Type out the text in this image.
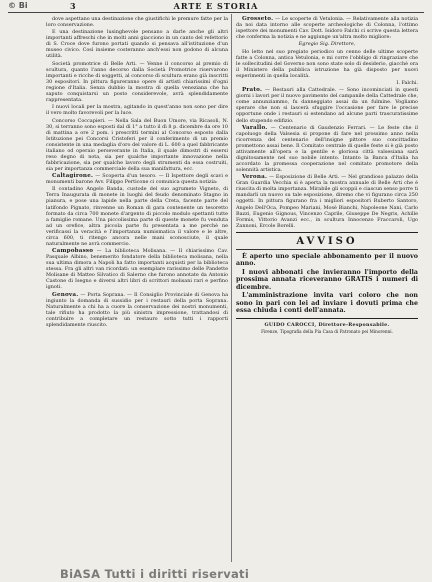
© Bi	3	ARTE E STORIA

dove aspettano una destinazione che giustifichi le premure fatte per la loro conservazione.

E una destinazione lusinghevole pensano a darle anche gli altri importanti affreschi che in molti anni giacciono in un canto del refettorio di S. Croce dove furono portati quando si pensava all'istituzione d'un museo civico. Così insieme costeranno anch'essi non godono di alcuna utilità.

Società promotrice di Belle Arti. — Venne il concorso al premio di scultura, quanto l'anno decorso dalla Società Promotrice riservarono importanti e ricche di soggetti, al concorso di scultura erano già inscritti 30 espositori. In pittura figureranno opere di artisti chiarissimi d'ogni regione d'Italia. Senza dubbio la mostra di quella veneziana che ha saputo conquistarsi un posto considerevole, avrà splendidamente rappresentata.

I nuovi locali per la mostra, agitando in quest'anno non sono per dire il vero molto favorevoli per la luce.

Concorso Coccapieri. — Nella Sala del Buon Umore, via Ricasoli, N. 30, si terranno sono esposti dal dì 1° a tutto il dì 8 p. dicembre da ore 10 di mattina a ore 2 pom. i prescritti termini al Concorso esposto dalla Istituzione pei Concorsi Cristoferi per il conferimento di un premio consistente in una medaglia d'oro del valore di L. 600 a quel fabbricante italiano od operaio perseverante in Italia, il quale dimostri di essersi reso degno di nota, sia per qualche importante innovazione nella fabbricazione, sia per qualche lavoro degli strumenti da essa costruiti, sia per importanza commerciale della sua manifattura, ecc.

Caltagirone. — Scoperta d'un tesoro. — Il Ispettore degli scavi e monumenti barone Avv. Filippo Perticone ci comunica questa notizia:

Il contadino Angelo Banda, custode del suo agrumeto Vigneto, di Terra Inaugurata di monete in luoghi del feudo denominato Stagno in pianura, e pose una lapide nella parte della Creta, facente parte del latifondo Pignato, rinvenne un Roman di gara contenente un tesoretto formato da circa 700 monete d'argento di piccolo modulo spettanti tutte a famiglie romane. Una piccolissima parte di queste monete fu venduta ad un orefice, altra piccola parte fu presentata a me perchè ne verificassi la veracità e l'importanza numismatica il valore e le altre, circa 600, ti ritengo ancora nelle mani sconosciute, il quale naturalmente ne avrà commercio.

Campobasso — La biblioteca Molisana. — Il chiarissimo Cav. Pasquale Albino, benemerito fondatore della biblioteca molisana, nella sua ultima dimora a Napoli ha fatto importanti acquisti per la biblioteca stessa. Fra gli altri van ricordati: un esemplare rarissimo delle Pandette Molisane di Matteo Silvatico di Salerno che furono annotate da Antonio Castone di Isegno e diversi altri libri di scrittori molisani rari e perfino ignoti.

Genova. — Porta Soprana. — Il Consiglio Provinciale di Genova ha ingiunto la domanda di sussidio per i restauri della porta Soprana. Naturalmente a chi ha a cuore la conservazione dei nostri monumenti, tale rifiuto ha prodotto la più sinistra impressione, trattandosi di contribuire a completare un restauro sotto tutti i rapporti splendidamente riuscito.

Grosseto. — Le scoperte di Vetulonia. — Relativamente alla notizia da noi data intorno alle scoperte archeologiche di Colonna, l'ottimo ispettore dei monumenti Cav. Dott. Isidoro Falchi ci scrive questa lettera che conferma la notizia e ne aggiunge un'altra molto migliore:

Egregio Sig. Direttore,

Ho letto nel suo pregiato periodico un cenno delle ultime scoperte fatte a Colonna, antica Vetulonia, e mi corre l'obbligo di ringraziare che le sollecitudini del Governo non sono state solo di desiderio, giacchè ora il Ministero della pubblica istruzione ha già disposto per nuovi esperimenti in quella località.

I. Falchi.

Prato. — Restauri alla Cattedrale. — Sono incominciati in questi giorni i lavori per il nuovo pavimento del campanile della Cattedrale che, come annunziammo, fu danneggiato assai da un fulmine. Vogliamo sperare che non si lascerà sfuggire l'occasione per fare le precise opportune onde i restauri si estendano ad alcune parti trascuratissime dello stupendo edifizio.

Varallo. — Centenario di Gaudenzio Ferrari. — Le feste che il capoluogo della Valsesia si propone di fare nel prossimo anno nella ricorrenza del centenario dell'insigne pittore suo concittadino promettono assai bene. Il Comitato centrale di quelle feste si è già posto attivamente all'opera e la gentile e gloriosa città valsesiana sarà dignitosamente nel suo nobile intento. Intanto la Banca d'Italia ha accordato la promessa cooperazione nel comitato promotore della solennità artistica.

Verona. — Esposizione di Belle Arti. — Nel grandioso palazzo della Gran Guardia Vecchia si è aperta la mostra annuale di Belle Arti che è riuscita di molta importanza. Mirabile gli scoppii e ciascun senso porre ti mandarli un nuovo su tale esposizione, diremo che vi figurano circa 250 oggetti. In pittura figurano fra i migliori espositori Ruberto Santoro, Angelo Dell'Oca, Pompeo Mariani, Mosè Bianchi, Napoleone Nani, Carlo Bazzi, Eugenio Gignous, Vincenzo Caprile, Giuseppe De Negris, Achille Formis, Vittorio Avanzi ecc., in scultura Innocenzo Fraccaroli, Ugo Zannoni, Ercole Borelli.

AVVISO

È aperto uno speciale abbonamento per il nuovo anno.

I nuovi abbonati che invieranno l'importo della prossima annata riceveranno GRATIS i numeri di dicembre.

L'amministrazione invita vari coloro che non sono in pari con lei ad inviare i dovuti prima che essa chiuda i conti dell'annata.

GUIDO CAROCCI, Direttore-Responsabile.
Firenze, Tipografia della Pia Casa di Patronato pei Minorenni.
BiASA Tutti i diritti riservati
